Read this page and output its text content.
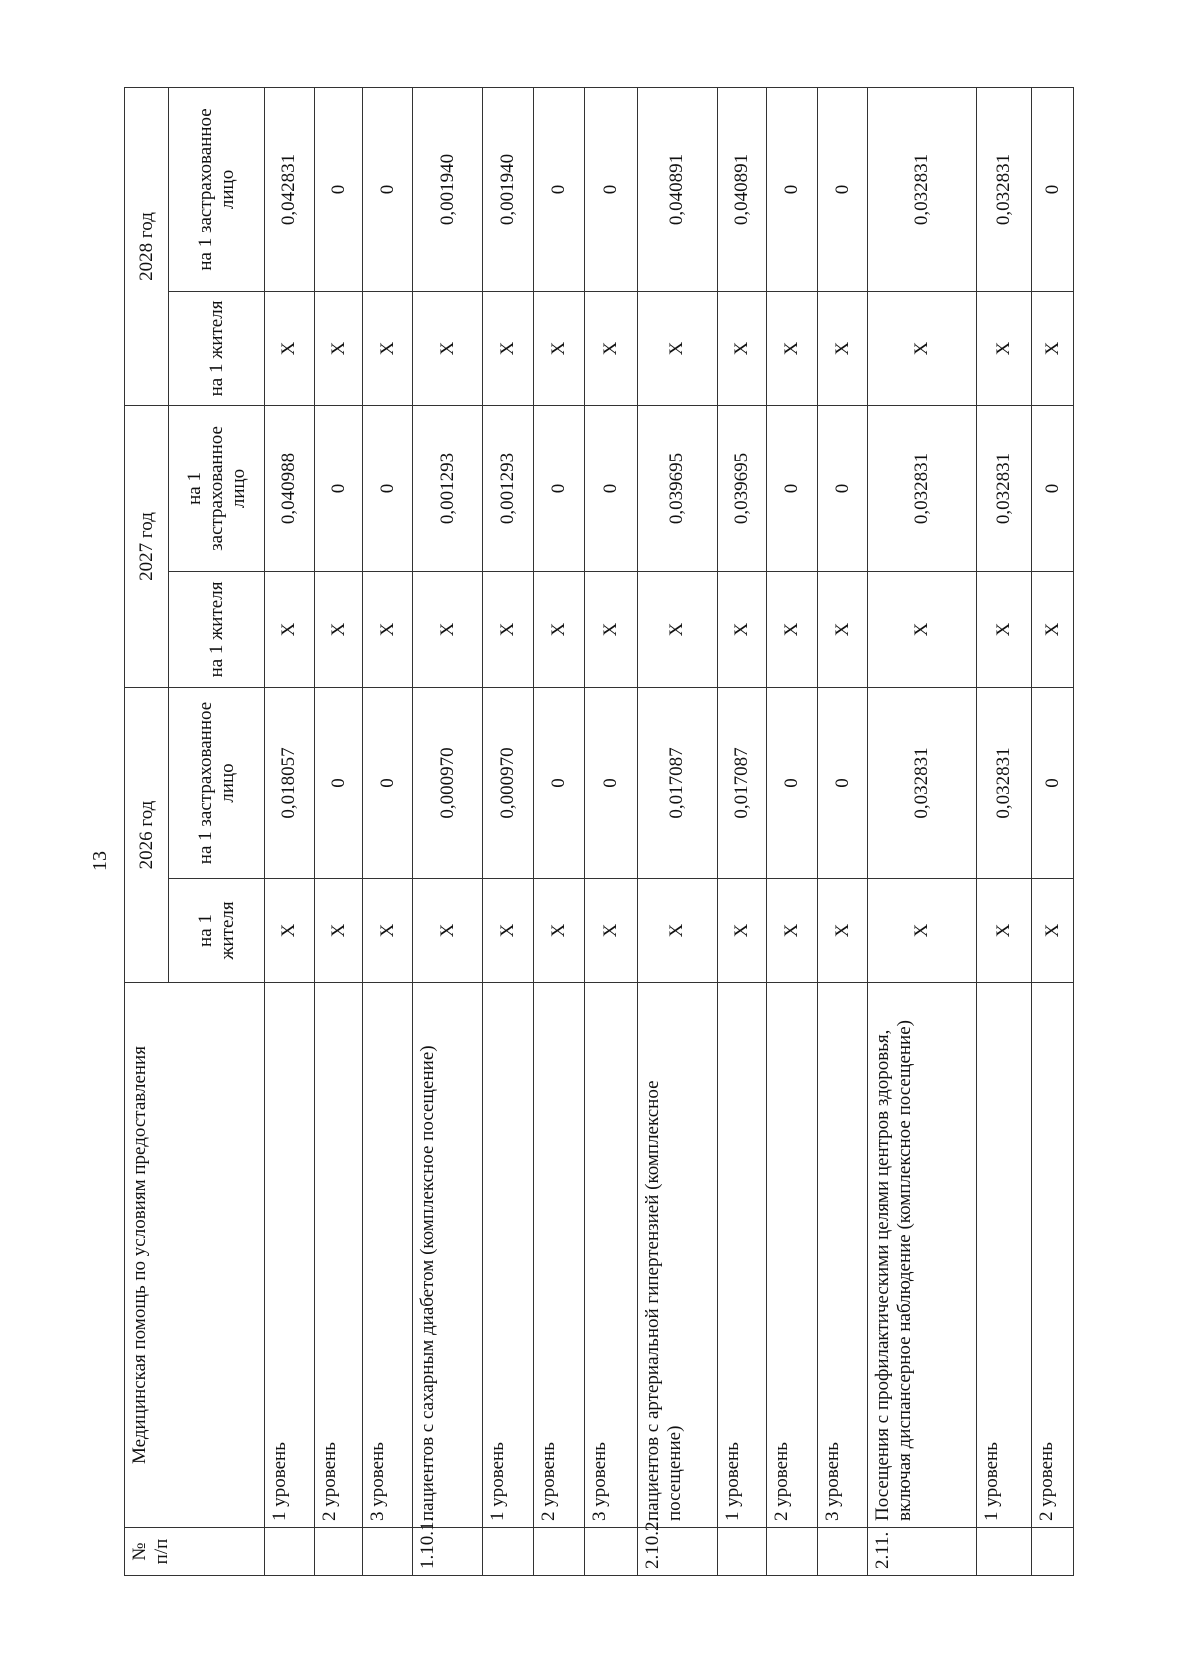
13
№ п/п	Медицинская помощь по условиям предоставления	2026 год		2027 год		2028 год	
		на 1 жителя	на 1 застрахованное лицо	на 1 жителя	на 1 застрахованное лицо	на 1 жителя	на 1 застрахованное лицо
	1 уровень	X	0,018057	X	0,040988	X	0,042831
	2 уровень	X	0	X	0	X	0
	3 уровень	X	0	X	0	X	0
1.10.1.	пациентов с сахарным диабетом (комплексное посещение)	X	0,000970	X	0,001293	X	0,001940
	1 уровень	X	0,000970	X	0,001293	X	0,001940
	2 уровень	X	0	X	0	X	0
	3 уровень	X	0	X	0	X	0
2.10.2.	пациентов с артериальной гипертензией (комплексное посещение)	X	0,017087	X	0,039695	X	0,040891
	1 уровень	X	0,017087	X	0,039695	X	0,040891
	2 уровень	X	0	X	0	X	0
	3 уровень	X	0	X	0	X	0
2.11.	Посещения с профилактическими целями центров здоровья, включая диспансерное наблюдение (комплексное посещение)	X	0,032831	X	0,032831	X	0,032831
	1 уровень	X	0,032831	X	0,032831	X	0,032831
	2 уровень	X	0	X	0	X	0
